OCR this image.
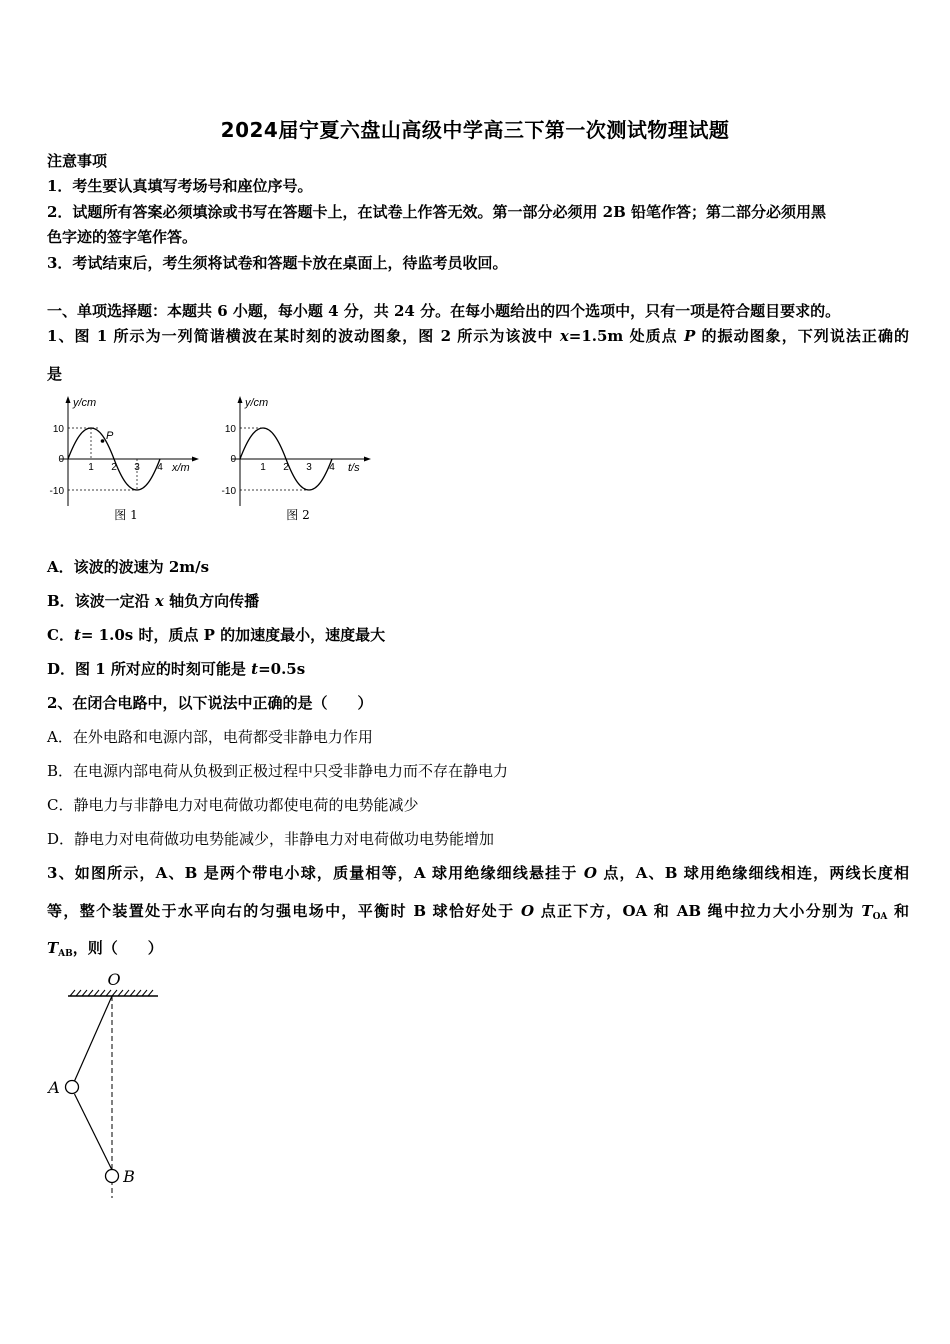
2024届宁夏六盘山高级中学高三下第一次测试物理试题
注意事项
1．考生要认真填写考场号和座位序号。
2．试题所有答案必须填涂或书写在答题卡上，在试卷上作答无效。第一部分必须用 2B 铅笔作答；第二部分必须用黑
色字迹的签字笔作答。
3．考试结束后，考生须将试卷和答题卡放在桌面上，待监考员收回。
一、单项选择题：本题共 6 小题，每小题 4 分，共 24 分。在每小题给出的四个选项中，只有一项是符合题目要求的。
1、图 1 所示为一列简谐横波在某时刻的波动图象，图 2 所示为该波中 x=1.5m 处质点 P 的振动图象，下列说法正确的
是
P
y/cm
x/m
10
0
-10
1 2 3 4
图 1
y/cm
t/s
10
0
-10
1 2 3 4
图 2
A．该波的波速为 2m/s
B．该波一定沿 x 轴负方向传播
C．t= 1.0s 时，质点 P 的加速度最小，速度最大
D．图 1 所对应的时刻可能是 t=0.5s
2、在闭合电路中，以下说法中正确的是（　　）
A．在外电路和电源内部，电荷都受非静电力作用
B．在电源内部电荷从负极到正极过程中只受非静电力而不存在静电力
C．静电力与非静电力对电荷做功都使电荷的电势能减少
D．静电力对电荷做功电势能减少，非静电力对电荷做功电势能增加
3、如图所示，A、B 是两个带电小球，质量相等，A 球用绝缘细线悬挂于 O 点，A、B 球用绝缘细线相连，两线长度相
等，整个装置处于水平向右的匀强电场中，平衡时 B 球恰好处于 O 点正下方，OA 和 AB 绳中拉力大小分别为 $T_{OA}$ 和
$T_{AB}$，则（　　）
O
A
B
